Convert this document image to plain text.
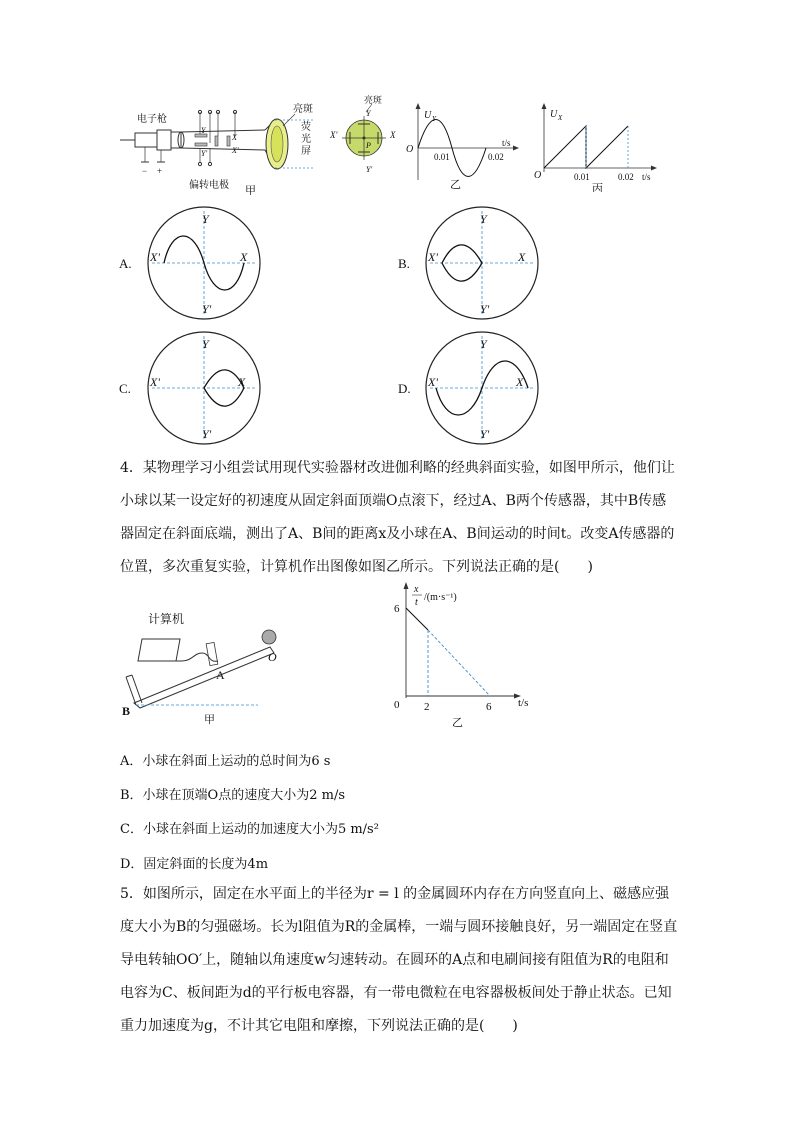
电子枪
− +
偏转电极
Y
Y'
X
X'
亮斑
荧
光
屏
甲
亮斑
Y
Y'
X
X'
P
U Y
O
0.01	0.02
t/s
乙
U X
O	0.01	0.02 t/s
丙
A.
Y
Y'
X
X'	B.
Y
Y'
X
X'
C.
Y
Y'
X
X'	D.
Y
Y'
X
X'
4．某物理学习小组尝试用现代实验器材改进伽利略的经典斜面实验，如图甲所示，他们让小球以某一设定好的初速度从固定斜面顶端O点滚下，经过A、B两个传感器，其中B传感器固定在斜面底端，测出了A、B间的距离x及小球在A、B间运动的时间t。改变A传感器的位置，多次重复实验，计算机作出图像如图乙所示。下列说法正确的是(　　)
计算机
A
B
O
甲
x
t /(m·s⁻¹)
6
0 2	6 t/s
乙
A．小球在斜面上运动的总时间为6 s
B．小球在顶端O点的速度大小为2 m/s
C．小球在斜面上运动的加速度大小为5 m/s²
D．固定斜面的长度为4m
5．如图所示，固定在水平面上的半径为r = l 的金属圆环内存在方向竖直向上、磁感应强度大小为B的匀强磁场。长为l阻值为R的金属棒，一端与圆环接触良好，另一端固定在竖直导电转轴OO′上，随轴以角速度w匀速转动。在圆环的A点和电刷间接有阻值为R的电阻和电容为C、板间距为d的平行板电容器，有一带电微粒在电容器极板间处于静止状态。已知重力加速度为g，不计其它电阻和摩擦，下列说法正确的是(　　)
